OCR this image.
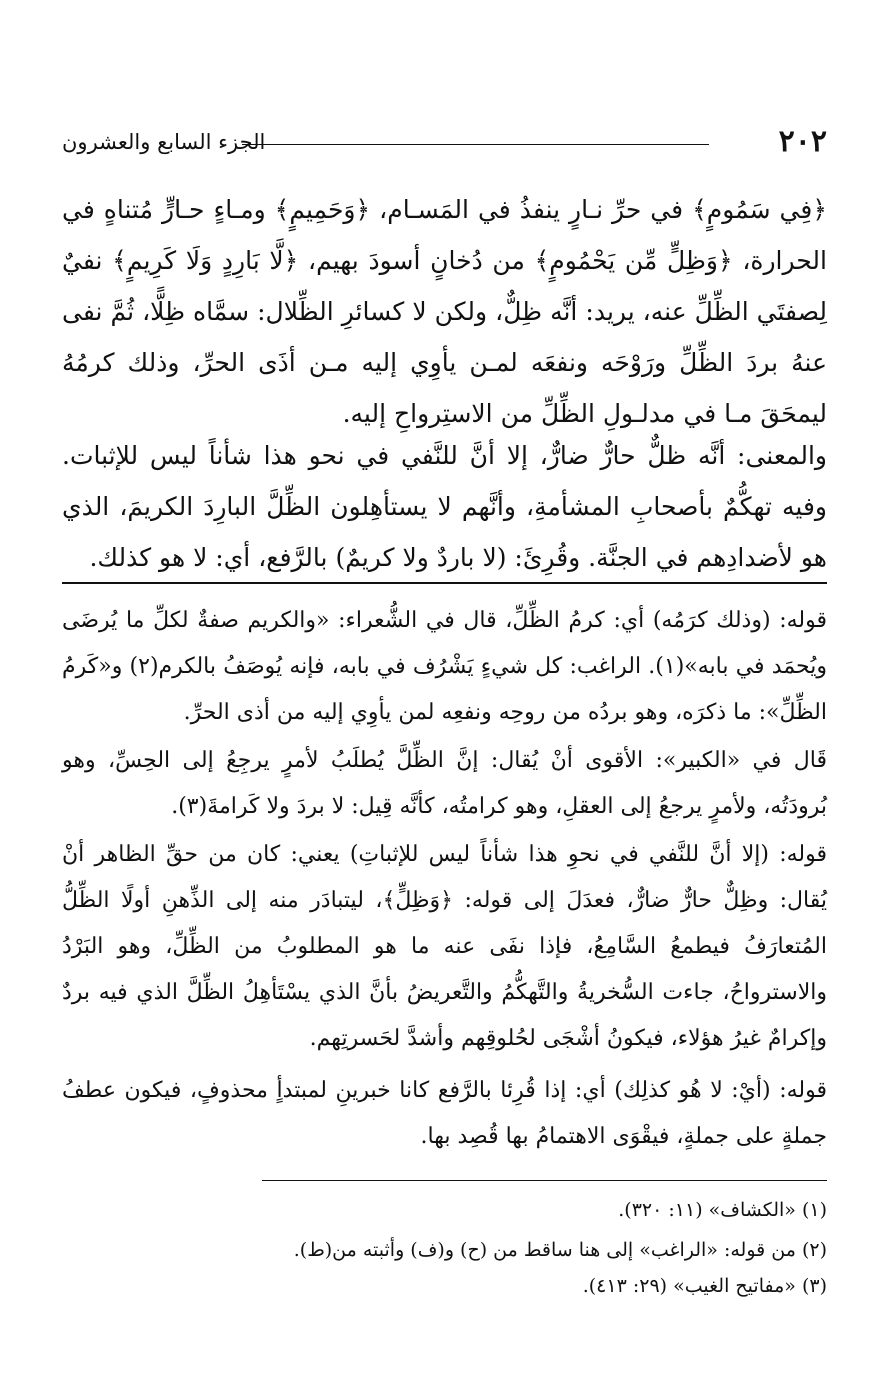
٢٠٢
الجزء السابع والعشرون
﴿فِي سَمُومٍ﴾ في حرِّ نـارٍ ينفذُ في المَسـام، ﴿وَحَمِيمٍ﴾ ومـاءٍ حـارٍّ مُتناهٍ في الحرارة، ﴿وَظِلٍّ مِّن يَحْمُومٍ﴾ من دُخانٍ أسودَ بهيم، ﴿لَّا بَارِدٍ وَلَا كَرِيمٍ﴾ نفيٌ لِصفتَي الظِّلِّ عنه، يريد: أنَّه ظِلٌّ، ولكن لا كسائرِ الظِّلال: سمَّاه ظِلًّا، ثُمَّ نفى عنهُ بردَ الظِّلِّ ورَوْحَه ونفعَه لمـن يأوِي إليه مـن أذَى الحرِّ، وذلك كرمُهُ ليمحَقَ مـا في مدلـولِ الظِّلِّ من الاستِرواحِ إليه.
والمعنى: أنَّه ظلٌّ حارٌّ ضارٌّ، إلا أنَّ للنَّفي في نحو هذا شأناً ليس للإثبات. وفيه تهكُّمٌ بأصحابِ المشأمةِ، وأنَّهم لا يستأهِلون الظِّلَّ البارِدَ الكريمَ، الذي هو لأضدادِهم في الجنَّة. وقُرِئَ: (لا باردٌ ولا كريمٌ) بالرَّفع، أي: لا هو كذلك.
قوله: (وذلك كرَمُه) أي: كرمُ الظِّلِّ، قال في الشُّعراء: «والكريم صفةٌ لكلِّ ما يُرضَى ويُحمَد في بابه»(١). الراغب: كل شيءٍ يَشْرُف في بابه، فإنه يُوصَفُ بالكرم(٢) و«كَرمُ الظِّلِّ»: ما ذكرَه، وهو بردُه من روحِه ونفعِه لمن يأوِي إليه من أذى الحرِّ.
قَال في «الكبير»: الأقوى أنْ يُقال: إنَّ الظِّلَّ يُطلَبُ لأمرٍ يرجِعُ إلى الحِسِّ، وهو بُرودَتُه، ولأمرٍ يرجعُ إلى العقلِ، وهو كرامتُه، كأنَّه قِيل: لا بردَ ولا كَرامةَ(٣).
قوله: (إلا أنَّ للنَّفي في نحوِ هذا شأناً ليس للإثباتِ) يعني: كان من حقِّ الظاهر أنْ يُقال: وظِلٌّ حارٌّ ضارٌّ، فعدَلَ إلى قوله: ﴿وَظِلٍّ﴾، ليتبادَر منه إلى الذِّهنِ أولًا الظِّلُّ المُتعارَفُ فيطمعُ السَّامِعُ، فإذا نفَى عنه ما هو المطلوبُ من الظِّلِّ، وهو البَرْدُ والاسترواحُ، جاءت السُّخريةُ والتَّهكُّمُ والتَّعريضُ بأنَّ الذي يسْتَأهِلُ الظِّلَّ الذي فيه بردٌ وإكرامٌ غيرُ هؤلاء، فيكونُ أشْجَى لحُلوقِهم وأشدَّ لحَسرتِهم.
قوله: (أيْ: لا هُو كذلِك) أي: إذا قُرِئا بالرَّفع كانا خبرينِ لمبتدأٍ محذوفٍ، فيكون عطفُ جملةٍ على جملةٍ، فيقْوَى الاهتمامُ بها قُصِد بها.
(١) «الكشاف» (١١: ٣٢٠).
(٢) من قوله: «الراغب» إلى هنا ساقط من (ح) و(ف) وأثبته من(ط).
(٣) «مفاتيح الغيب» (٢٩: ٤١٣).
